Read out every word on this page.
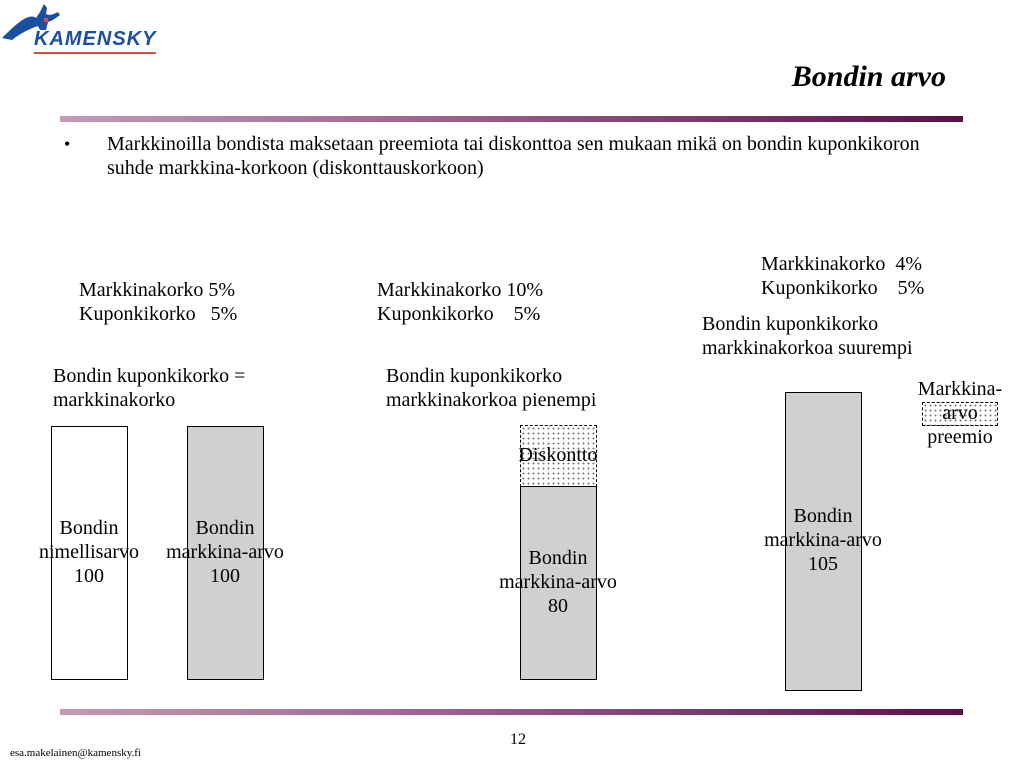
KAMENSKY
Bondin arvo
• Markkinoilla bondista maksetaan preemiota tai diskonttoa sen mukaan mikä on bondin kuponkikoron suhde markkina-korkoon (diskonttauskorkoon)
Markkinakorko 5%
Kuponkikorko   5%
Bondin kuponkikorko =
markkinakorko
Bondin
nimellisarvo
100
Bondin
markkina-arvo
100
Markkinakorko 10%
Kuponkikorko    5%
Bondin kuponkikorko
markkinakorkoa pienempi
Diskontto
Bondin
markkina-arvo
80
Markkinakorko  4%
Kuponkikorko    5%
Bondin kuponkikorko
markkinakorkoa suurempi
Bondin
markkina-arvo
105
Markkina-
arvo
preemio
12
esa.makelainen@kamensky.fi
